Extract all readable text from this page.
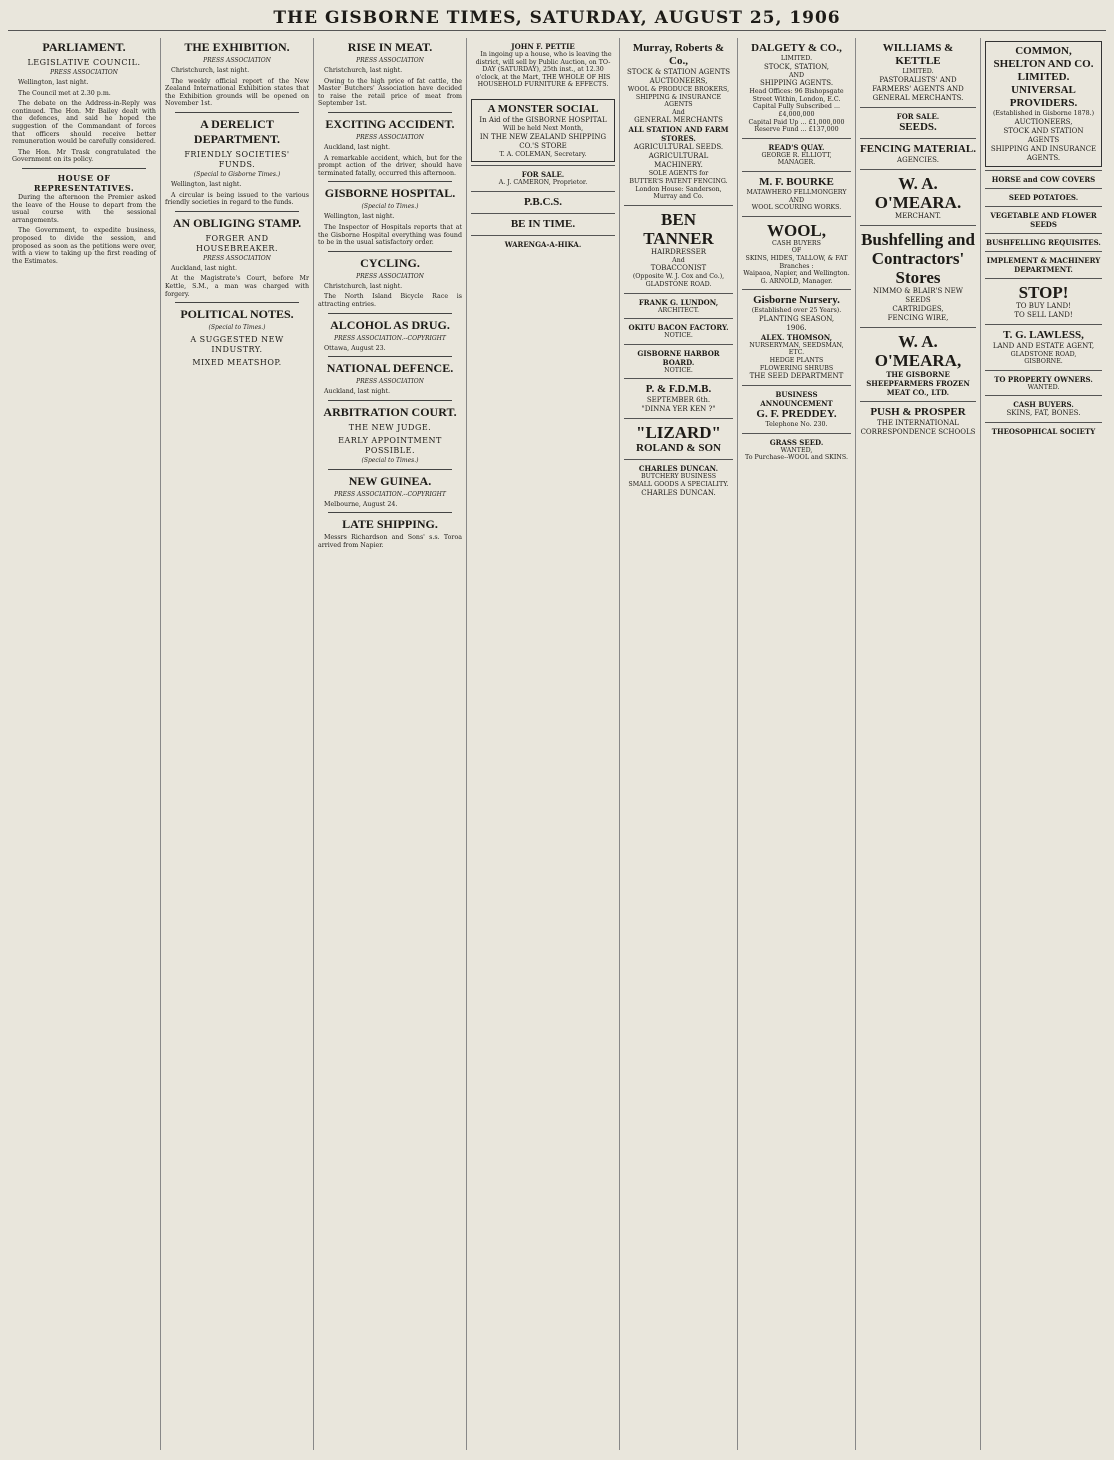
THE GISBORNE TIMES, SATURDAY, AUGUST 25, 1906
PARLIAMENT.
LEGISLATIVE COUNCIL.
PRESS ASSOCIATION

Wellington, last night.

The Council met at 2.30 p.m.

The debate on the Address-in-Reply was continued. The Hon. Mr Bailey dealt with the defences, and said he hoped the suggestion of the Commandant of forces that officers should receive better remuneration would be carefully considered.

The Hon. Mr Trask congratulated the Government on its policy.

HOUSE OF REPRESENTATIVES.

During the afternoon the Premier asked the leave of the House to depart from the usual course with the sessional arrangements.

The Government, to expedite business, proposed to divide the session, and proposed as soon as the petitions were over, with a view to taking up the first reading of the Estimates.

THE EXHIBITION.
PRESS ASSOCIATION

Christchurch, last night.

The weekly official report of the New Zealand International Exhibition states that the Exhibition grounds will be opened on November 1st.

A DERELICT DEPARTMENT.
FRIENDLY SOCIETIES' FUNDS.
(Special to Gisborne Times.)

Wellington, last night.

A circular is being issued to the various friendly societies in regard to the funds.

AN OBLIGING STAMP.
FORGER AND HOUSEBREAKER.
PRESS ASSOCIATION

Auckland, last night.

At the Magistrate's Court, before Mr Kettle, S.M., a man was charged with forgery.

POLITICAL NOTES.
(Special to Times.)
A SUGGESTED NEW INDUSTRY.
MIXED MEATSHOP.
RISE IN MEAT.
PRESS ASSOCIATION

Christchurch, last night.

Owing to the high price of fat cattle, the Master Butchers' Association have decided to raise the retail price of meat from September 1st.

EXCITING ACCIDENT.
PRESS ASSOCIATION

Auckland, last night.

A remarkable accident, which, but for the prompt action of the driver, should have terminated fatally, occurred this afternoon.

GISBORNE HOSPITAL.
(Special to Times.)

Wellington, last night.

The Inspector of Hospitals reports that at the Gisborne Hospital everything was found to be in the usual satisfactory order.

CYCLING.
PRESS ASSOCIATION

Christchurch, last night.

The North Island Bicycle Race is attracting entries.

ALCOHOL AS DRUG.
PRESS ASSOCIATION.--COPYRIGHT

Ottawa, August 23.

NATIONAL DEFENCE.
PRESS ASSOCIATION

Auckland, last night.

ARBITRATION COURT.
THE NEW JUDGE.
EARLY APPOINTMENT POSSIBLE.
(Special to Times.)
NEW GUINEA.
PRESS ASSOCIATION.--COPYRIGHT

Melbourne, August 24.

LATE SHIPPING.

Messrs Richardson and Sons' s.s. Toroa arrived from Napier.

JOHN F. PETTIE

In ingoing up a house, who is leaving the district, will sell by Public Auction, on TO-DAY (SATURDAY), 25th inst., at 12.30 o'clock, at the Mart, THE WHOLE OF HIS HOUSEHOLD FURNITURE & EFFECTS.

A MONSTER SOCIAL
In Aid of the GISBORNE HOSPITAL
Will be held Next Month,
IN THE NEW ZEALAND SHIPPING CO.'S STORE
T. A. COLEMAN, Secretary.
FOR SALE.
A. J. CAMERON, Proprietor.
P.B.C.S.
BE IN TIME.
WARENGA-A-HIKA.
Murray, Roberts & Co.,
STOCK & STATION AGENTS
AUCTIONEERS,
WOOL & PRODUCE BROKERS,
SHIPPING & INSURANCE AGENTS
And
GENERAL MERCHANTS
ALL STATION AND FARM STORES.
AGRICULTURAL SEEDS.
AGRICULTURAL MACHINERY.
SOLE AGENTS for
BUTTER'S PATENT FENCING.
London House: Sanderson, Murray and Co.
BEN TANNER
HAIRDRESSER
And
TOBACCONIST
(Opposite W. J. Cox and Co.),
GLADSTONE ROAD.
FRANK G. LUNDON,
ARCHITECT.
OKITU BACON FACTORY.
NOTICE.
GISBORNE HARBOR BOARD.
NOTICE.
P. & F.D.M.B.
SEPTEMBER 6th.
"DINNA YER KEN ?"
"LIZARD"
ROLAND & SON
CHARLES DUNCAN.
BUTCHERY BUSINESS
SMALL GOODS A SPECIALITY.
CHARLES DUNCAN.
DALGETY & CO.,
LIMITED.
STOCK, STATION,
AND
SHIPPING AGENTS.
Head Offices: 96 Bishopsgate Street Within, London, E.C.
Capital Fully Subscribed ... £4,000,000
Capital Paid Up ... £1,000,000
Reserve Fund ... £137,000
READ'S QUAY.
GEORGE R. ELLIOTT,
MANAGER.
M. F. BOURKE
MATAWHERO FELLMONGERY
AND
WOOL SCOURING WORKS.
WOOL,
CASH BUYERS
OF
SKINS, HIDES, TALLOW, & FAT
Branches :
Waipaoa, Napier, and Wellington.
G. ARNOLD, Manager.
Gisborne Nursery.
(Established over 25 Years).
PLANTING SEASON,
1906.
ALEX. THOMSON,
NURSERYMAN, SEEDSMAN, ETC.
HEDGE PLANTS
FLOWERING SHRUBS
THE SEED DEPARTMENT
BUSINESS ANNOUNCEMENT
G. F. PREDDEY.
Telephone No. 230.
GRASS SEED.
WANTED,
To Purchase--WOOL and SKINS.
WILLIAMS & KETTLE
LIMITED.
PASTORALISTS' AND FARMERS' AGENTS AND GENERAL MERCHANTS.
FOR SALE.
SEEDS.
FENCING MATERIAL.
AGENCIES.
W. A. O'MEARA.
MERCHANT.
Bushfelling and Contractors' Stores
NIMMO & BLAIR'S NEW SEEDS
CARTRIDGES,
FENCING WIRE,
W. A. O'MEARA,
THE GISBORNE SHEEPFARMERS FROZEN MEAT CO., LTD.
PUSH & PROSPER
THE INTERNATIONAL CORRESPONDENCE SCHOOLS
COMMON, SHELTON AND CO. LIMITED.
UNIVERSAL PROVIDERS.
(Established in Gisborne 1878.)
AUCTIONEERS,
STOCK AND STATION AGENTS
SHIPPING AND INSURANCE AGENTS.
HORSE and COW COVERS
SEED POTATOES.
VEGETABLE AND FLOWER SEEDS
BUSHFELLING REQUISITES.
IMPLEMENT & MACHINERY DEPARTMENT.
STOP!
TO BUY LAND!
TO SELL LAND!
T. G. LAWLESS,
LAND AND ESTATE AGENT,
GLADSTONE ROAD,
GISBORNE.
TO PROPERTY OWNERS.
WANTED.
CASH BUYERS.
SKINS, FAT, BONES.
THEOSOPHICAL SOCIETY
